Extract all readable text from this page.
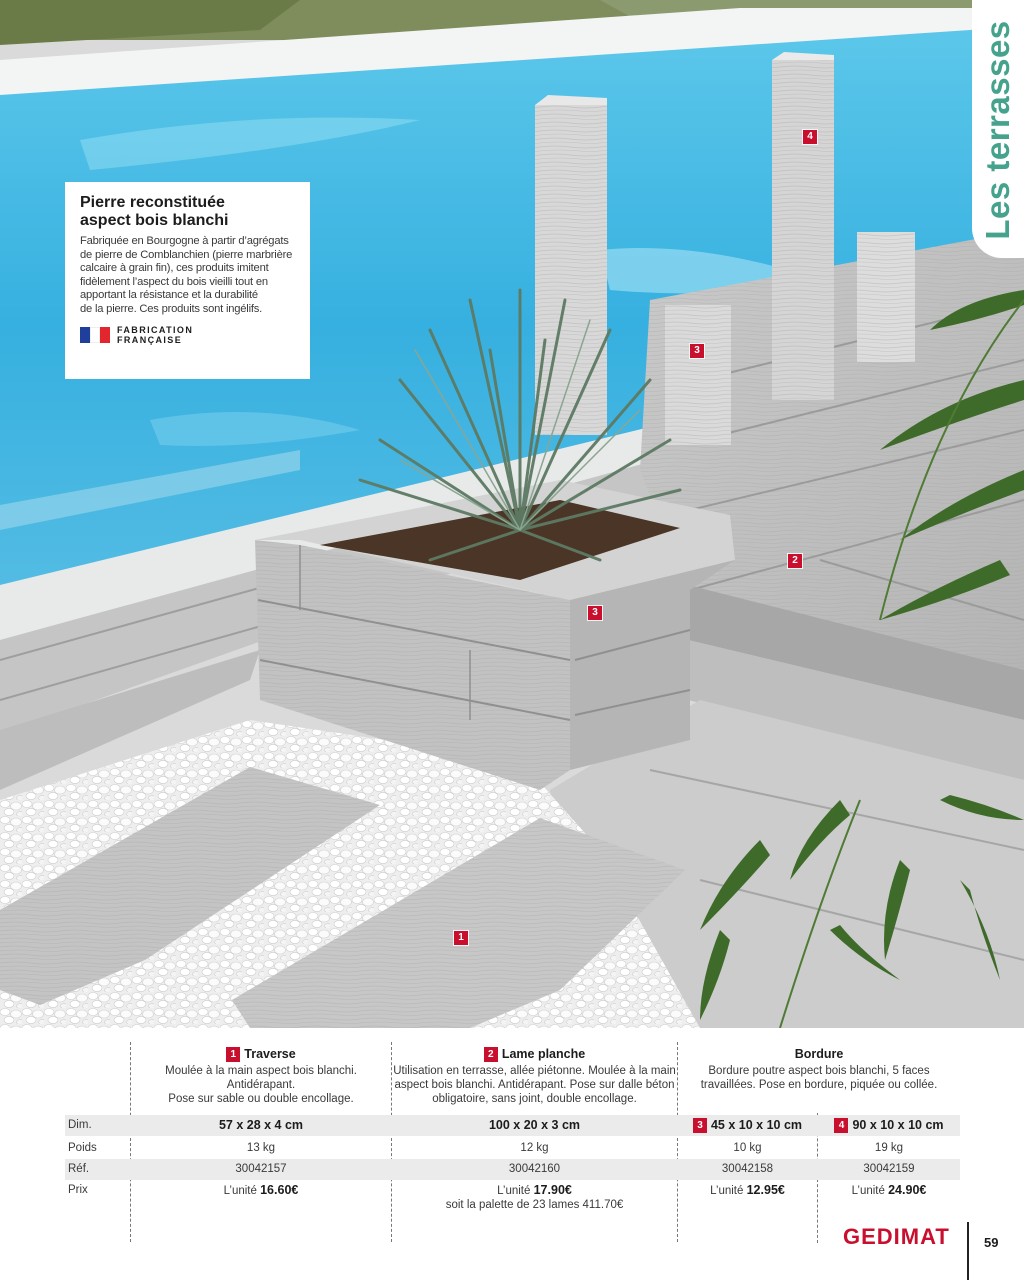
4
3
2
3
1
Les terrasses
Pierre reconstituée
aspect bois blanchi
Fabriquée en Bourgogne à partir d’agrégats
de pierre de Comblanchien (pierre marbrière
calcaire à grain fin), ces produits imitent
fidèlement l’aspect du bois vieilli tout en
apportant la résistance et la durabilité
de la pierre. Ces produits sont ingélifs.
FABRICATION
FRANÇAISE
1 Traverse
Moulée à la main aspect bois blanchi. Antidérapant.
Pose sur sable ou double encollage.
2 Lame planche
Utilisation en terrasse, allée piétonne. Moulée à la main
aspect bois blanchi. Antidérapant. Pose sur dalle béton
obligatoire, sans joint, double encollage.
Bordure
Bordure poutre aspect bois blanchi, 5 faces
travaillées. Pose en bordure, piquée ou collée.
Dim.	57 x 28 x 4 cm	100 x 20 x 3 cm	3 45 x 10 x 10 cm	4 90 x 10 x 10 cm
Poids	13 kg	12 kg	10 kg	19 kg
Réf.	30042157	30042160	30042158	30042159
Prix	L’unité 16.60€	L’unité 17.90€	L’unité 12.95€	L’unité 24.90€
soit la palette de 23 lames 411.70€
GEDIMAT	59
